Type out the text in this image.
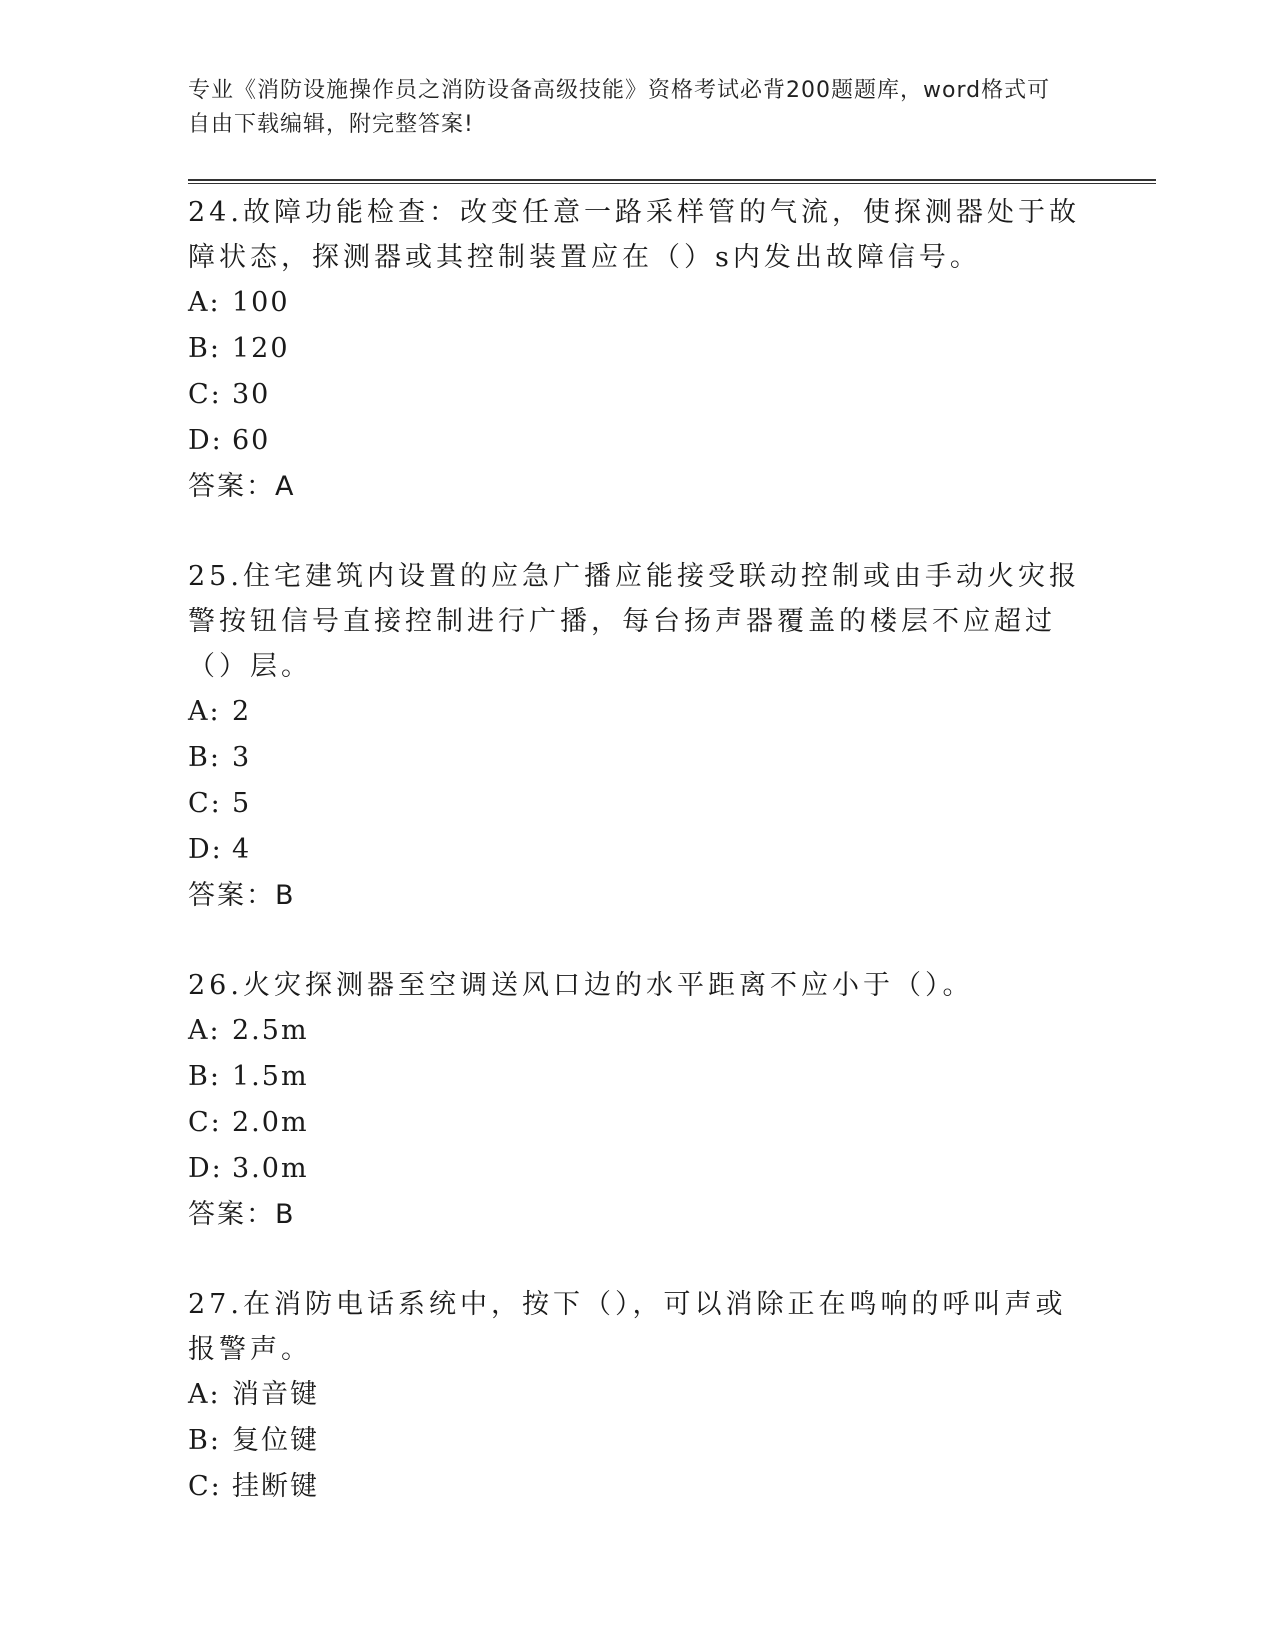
专业《消防设施操作员之消防设备高级技能》资格考试必背200题题库，word格式可自由下载编辑，附完整答案!

24.故障功能检查：改变任意一路采样管的气流，使探测器处于故障状态，探测器或其控制装置应在（）s内发出故障信号。

A: 100
B: 120
C: 30
D: 60
答案：A

25.住宅建筑内设置的应急广播应能接受联动控制或由手动火灾报警按钮信号直接控制进行广播，每台扬声器覆盖的楼层不应超过（）层。

A: 2
B: 3
C: 5
D: 4
答案：B

26.火灾探测器至空调送风口边的水平距离不应小于（）。

A: 2.5m
B: 1.5m
C: 2.0m
D: 3.0m
答案：B

27.在消防电话系统中，按下（），可以消除正在鸣响的呼叫声或报警声。

A: 消音键
B: 复位键
C: 挂断键
